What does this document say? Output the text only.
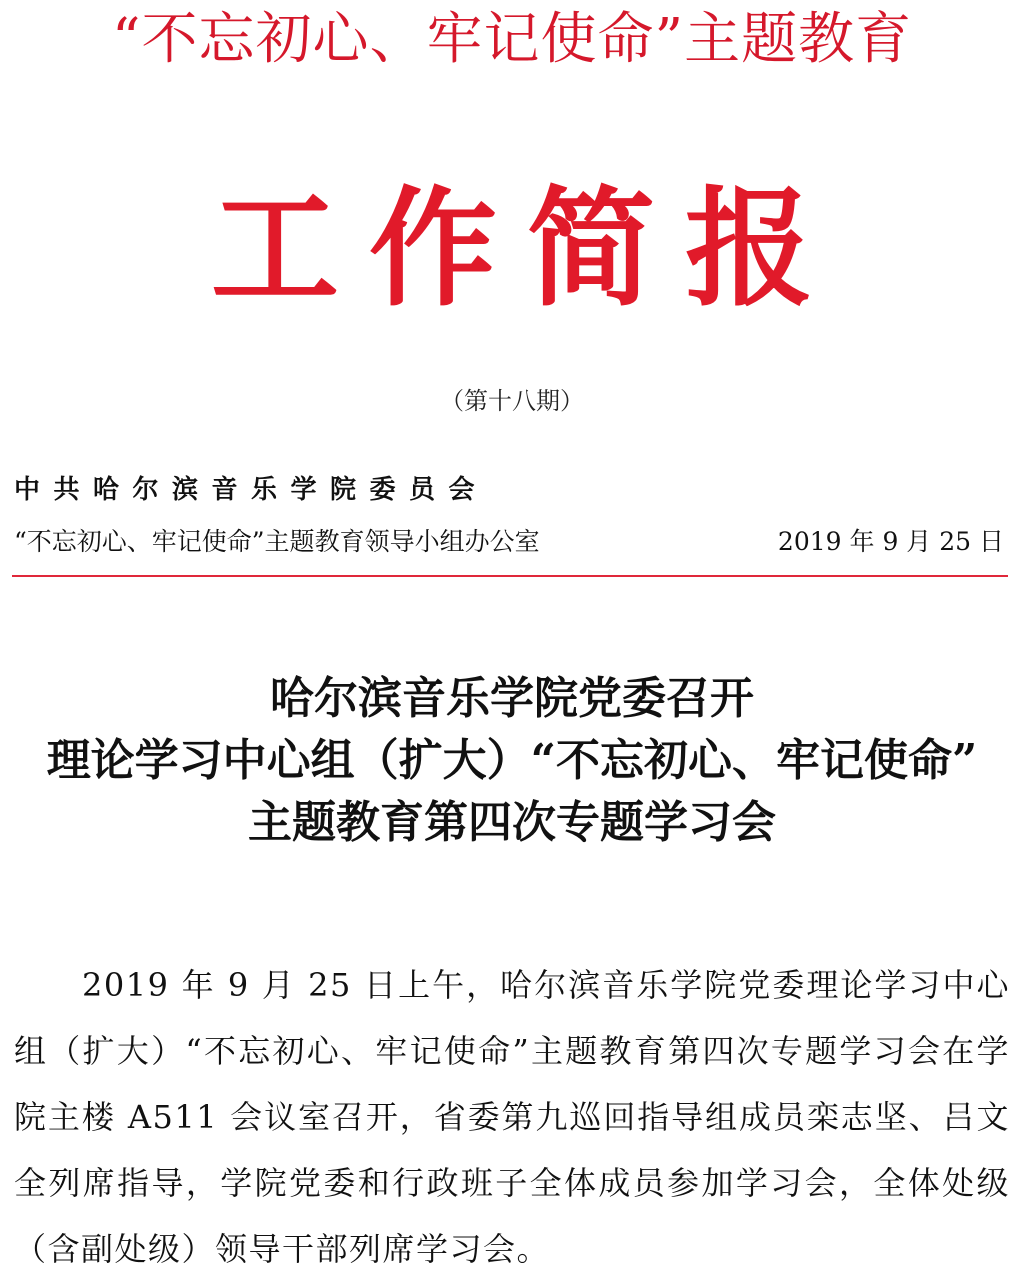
“不忘初心、牢记使命”主题教育
工作简报
（第十八期）
中共哈尔滨音乐学院委员会
“不忘初心、牢记使命”主题教育领导小组办公室	2019 年 9 月 25 日
哈尔滨音乐学院党委召开
理论学习中心组（扩大）“不忘初心、牢记使命”
主题教育第四次专题学习会

2019 年 9 月 25 日上午，哈尔滨音乐学院党委理论学习中心组（扩大）“不忘初心、牢记使命”主题教育第四次专题学习会在学院主楼 A511 会议室召开，省委第九巡回指导组成员栾志坚、吕文全列席指导，学院党委和行政班子全体成员参加学习会，全体处级（含副处级）领导干部列席学习会。
